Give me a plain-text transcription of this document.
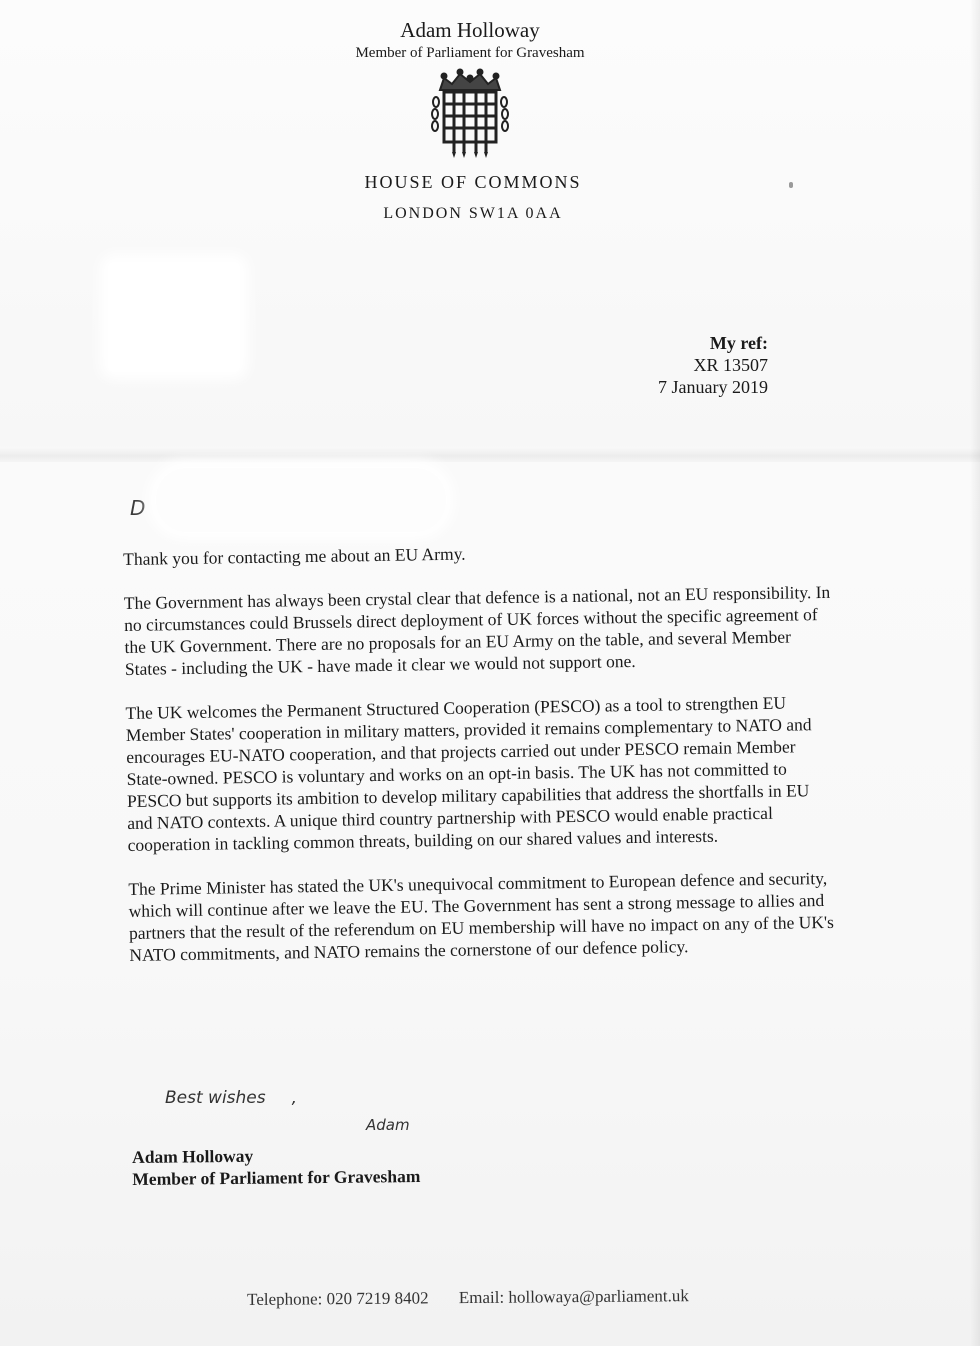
Adam Holloway
Member of Parliament for Gravesham
HOUSE OF COMMONS
LONDON SW1A 0AA
My ref:
XR 13507
7 January 2019
D

Thank you for contacting me about an EU Army.

The Government has always been crystal clear that defence is a national, not an EU responsibility. In no circumstances could Brussels direct deployment of UK forces without the specific agreement of the UK Government. There are no proposals for an EU Army on the table, and several Member States - including the UK - have made it clear we would not support one.

The UK welcomes the Permanent Structured Cooperation (PESCO) as a tool to strengthen EU Member States' cooperation in military matters, provided it remains complementary to NATO and encourages EU-NATO cooperation, and that projects carried out under PESCO remain Member State-owned. PESCO is voluntary and works on an opt-in basis. The UK has not committed to PESCO but supports its ambition to develop military capabilities that address the shortfalls in EU and NATO contexts. A unique third country partnership with PESCO would enable practical cooperation in tackling common threats, building on our shared values and interests.

The Prime Minister has stated the UK's unequivocal commitment to European defence and security, which will continue after we leave the EU. The Government has sent a strong message to allies and partners that the result of the referendum on EU membership will have no impact on any of the UK's NATO commitments, and NATO remains the cornerstone of our defence policy.

Best wishes ,
Adam
Adam Holloway
Member of Parliament for Gravesham
Telephone: 020 7219 8402 Email: hollowaya@parliament.uk
